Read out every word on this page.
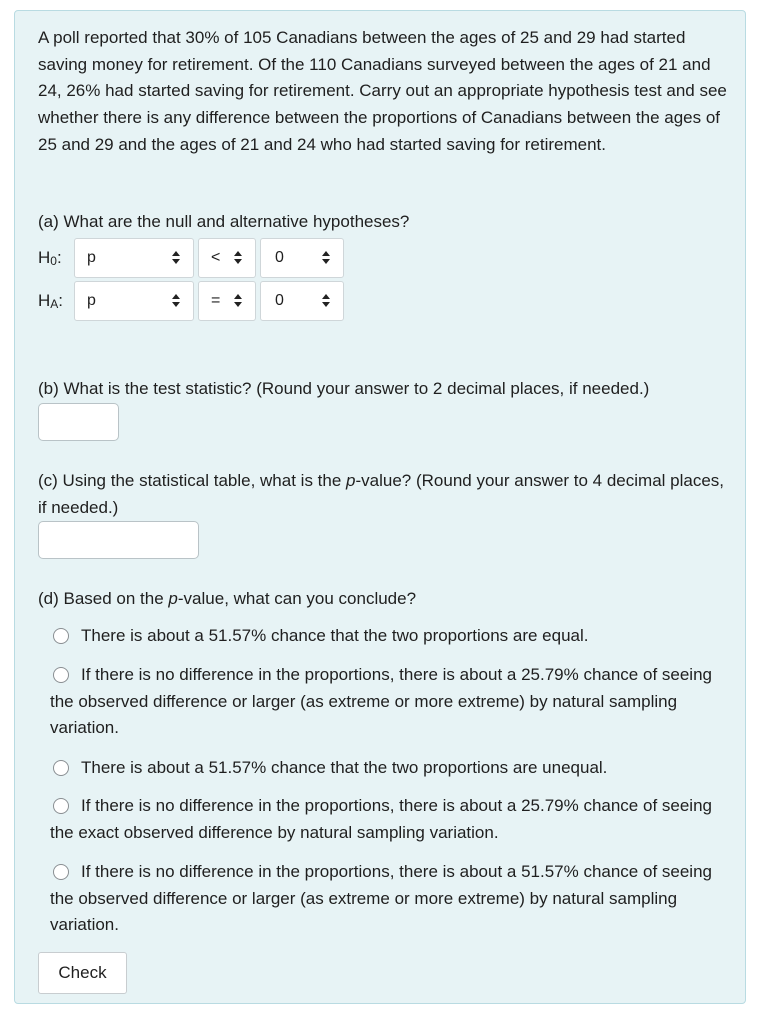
A poll reported that 30% of 105 Canadians between the ages of 25 and 29 had started saving money for retirement. Of the 110 Canadians surveyed between the ages of 21 and 24, 26% had started saving for retirement. Carry out an appropriate hypothesis test and see whether there is any difference between the proportions of Canadians between the ages of 25 and 29 and the ages of 21 and 24 who had started saving for retirement.

(a) What are the null and alternative hypotheses?

$H_0$:	p	<	0
$H_A$:	p	=	0

(b) What is the test statistic? (Round your answer to 2 decimal places, if needed.)

(c) Using the statistical table, what is the p-value? (Round your answer to 4 decimal places, if needed.)

(d) Based on the p-value, what can you conclude?

There is about a 51.57% chance that the two proportions are equal.
If there is no difference in the proportions, there is about a 25.79% chance of seeing the observed difference or larger (as extreme or more extreme) by natural sampling variation.
There is about a 51.57% chance that the two proportions are unequal.
If there is no difference in the proportions, there is about a 25.79% chance of seeing the exact observed difference by natural sampling variation.
If there is no difference in the proportions, there is about a 51.57% chance of seeing the observed difference or larger (as extreme or more extreme) by natural sampling variation.
Check
